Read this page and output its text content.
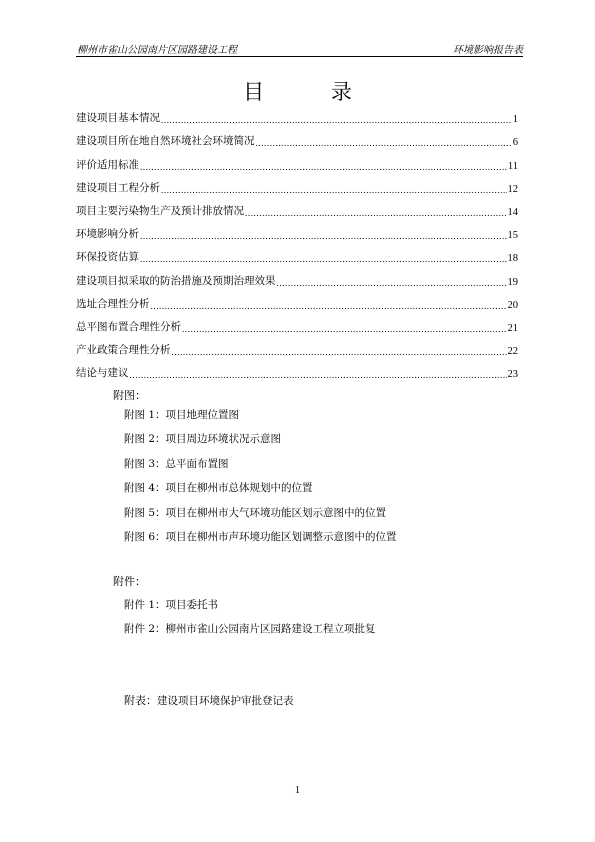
柳州市雀山公园南片区园路建设工程	环境影响报告表
目 录
建设项目基本情况 .....	1
建设项目所在地自然环境社会环境简况 .....	6
评价适用标准 .....	11
建设项目工程分析 .....	12
项目主要污染物生产及预计排放情况 .....	14
环境影响分析 .....	15
环保投资估算 .....	18
建设项目拟采取的防治措施及预期治理效果 .....	19
选址合理性分析 .....	20
总平图布置合理性分析 .....	21
产业政策合理性分析 .....	22
结论与建议 .....	23
附图：
附图 1：项目地理位置图
附图 2：项目周边环境状况示意图
附图 3：总平面布置图
附图 4：项目在柳州市总体规划中的位置
附图 5：项目在柳州市大气环境功能区划示意图中的位置
附图 6：项目在柳州市声环境功能区划调整示意图中的位置
附件：
附件 1：项目委托书
附件 2：柳州市雀山公园南片区园路建设工程立项批复
附表：建设项目环境保护审批登记表
1
